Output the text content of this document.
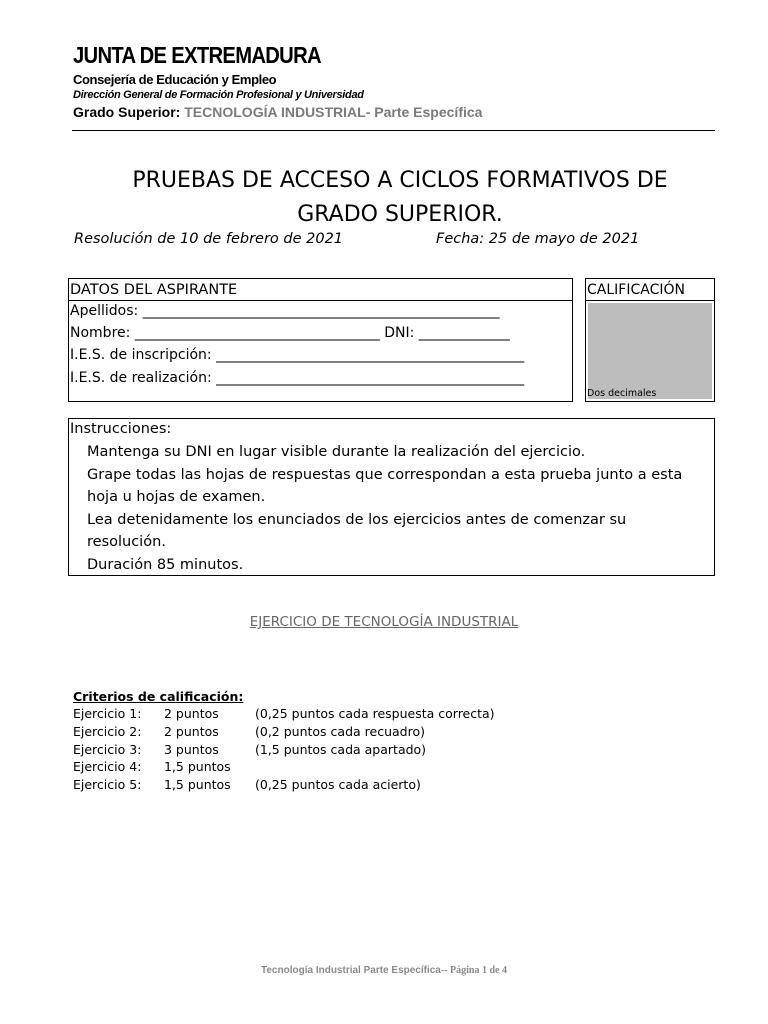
JUNTA DE EXTREMADURA
Consejería de Educación y Empleo
Dirección General de Formación Profesional y Universidad
Grado Superior: TECNOLOGÍA INDUSTRIAL- Parte Específica
PRUEBAS DE ACCESO A CICLOS FORMATIVOS DE
GRADO SUPERIOR.
Resolución de 10 de febrero de 2021	Fecha: 25 de mayo de 2021
DATOS DEL ASPIRANTE
Apellidos: ___________________________________________________
Nombre: ___________________________________ DNI: _____________
I.E.S. de inscripción: ____________________________________________
I.E.S. de realización: ____________________________________________
CALIFICACIÓN
Dos decimales
Instrucciones:
Mantenga su DNI en lugar visible durante la realización del ejercicio.
Grape todas las hojas de respuestas que correspondan a esta prueba junto a esta hoja u hojas de examen.
Lea detenidamente los enunciados de los ejercicios antes de comenzar su resolución.
Duración 85 minutos.
EJERCICIO DE TECNOLOGÍA INDUSTRIAL
Criterios de calificación:
Ejercicio 1:	2 puntos	(0,25 puntos cada respuesta correcta)
Ejercicio 2:	2 puntos	(0,2 puntos cada recuadro)
Ejercicio 3:	3 puntos	(1,5 puntos cada apartado)
Ejercicio 4:	1,5 puntos	
Ejercicio 5:	1,5 puntos	(0,25 puntos cada acierto)
Tecnología Industrial Parte Específica-- Página 1 de 4
